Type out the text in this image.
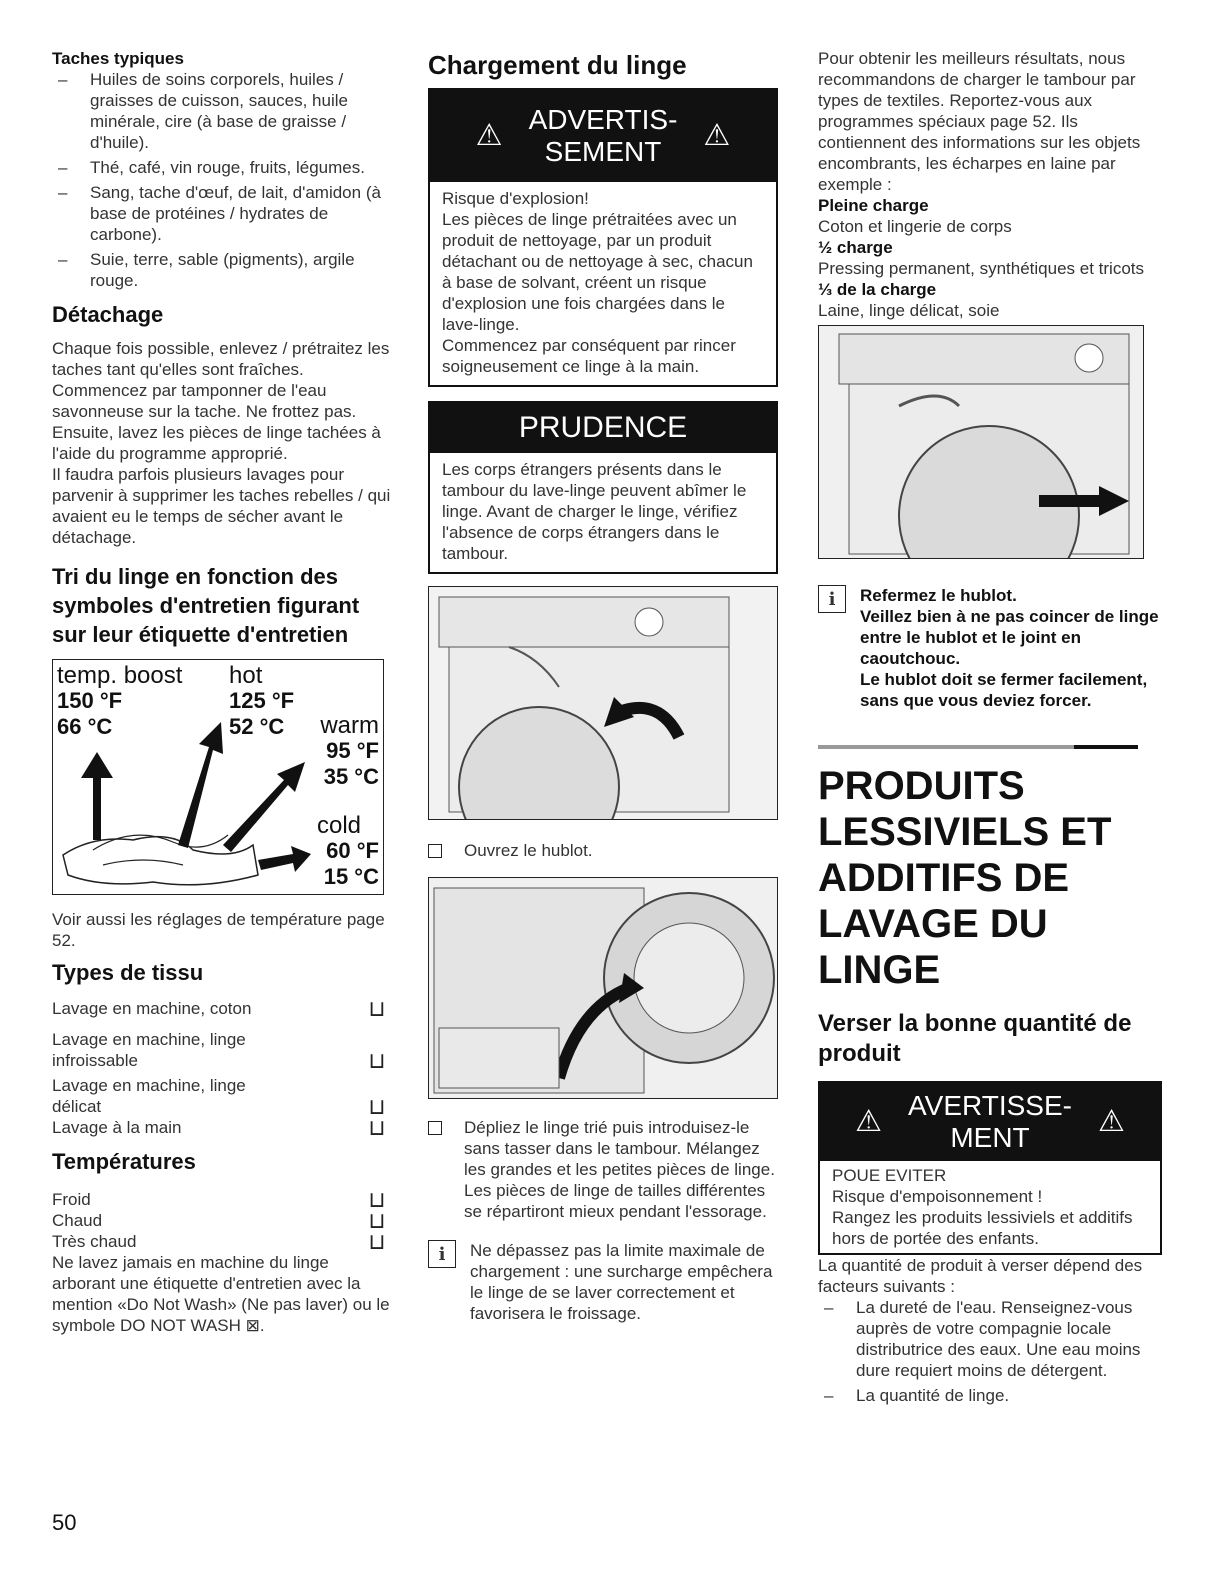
Taches typiques

–	Huiles de soins corporels, huiles / graisses de cuisson, sauces, huile minérale, cire (à base de graisse / d'huile).
–	Thé, café, vin rouge, fruits, légumes.
–	Sang, tache d'œuf, de lait, d'amidon (à base de protéines / hydrates de carbone).
–	Suie, terre, sable (pigments), argile rouge.

Détachage

Chaque fois possible, enlevez / prétraitez les taches tant qu'elles sont fraîches.

Commencez par tamponner de l'eau savonneuse sur la tache. Ne frottez pas.

Ensuite, lavez les pièces de linge tachées à l'aide du programme approprié.

Il faudra parfois plusieurs lavages pour parvenir à supprimer les taches rebelles / qui avaient eu le temps de sécher avant le détachage.

Tri du linge en fonction des symboles d'entretien figurant sur leur étiquette d'entretien

temp. boost
150 °F
66 °C
hot
125 °F
52 °C warm
95 °F
35 °C
cold
60 °F
15 °C

Voir aussi les réglages de température page 52.

Types de tissu

Lavage en machine, coton	⊔
Lavage en machine, linge infroissable	⊔
Lavage en machine, linge délicat	⊔
Lavage à la main	⊔

Températures

Froid	⊔
Chaud	⊔
Très chaud	⊔

Ne lavez jamais en machine du linge arborant une étiquette d'entretien avec la mention «Do Not Wash» (Ne pas laver) ou le symbole DO NOT WASH ⊠.

Chargement du linge

⚠ ADVERTIS-
SEMENT	⚠

Risque d'explosion!

Les pièces de linge prétraitées avec un produit de nettoyage, par un produit détachant ou de nettoyage à sec, chacun à base de solvant, créent un risque d'explosion une fois chargées dans le lave-linge.

Commencez par conséquent par rincer soigneusement ce linge à la main.

PRUDENCE

Les corps étrangers présents dans le tambour du lave-linge peuvent abîmer le linge. Avant de charger le linge, vérifiez l'absence de corps étrangers dans le tambour.

Ouvrez le hublot.
Dépliez le linge trié puis introduisez-le sans tasser dans le tambour. Mélangez les grandes et les petites pièces de linge. Les pièces de linge de tailles différentes se répartiront mieux pendant l'essorage.
i	Ne dépassez pas la limite maximale de chargement : une surcharge empêchera le linge de se laver correctement et favorisera le froissage.

Pour obtenir les meilleurs résultats, nous recommandons de charger le tambour par types de textiles. Reportez-vous aux programmes spéciaux page 52. Ils contiennent des informations sur les objets encombrants, les écharpes en laine par exemple :

Pleine charge

Coton et lingerie de corps

½ charge

Pressing permanent, synthétiques et tricots

⅓ de la charge

Laine, linge délicat, soie

i	Refermez le hublot.
Veillez bien à ne pas coincer de linge entre le hublot et le joint en caoutchouc.
Le hublot doit se fermer facilement, sans que vous deviez forcer.

PRODUITS

LESSIVIELS ET

ADDITIFS DE

LAVAGE DU

LINGE

Verser la bonne quantité de produit

⚠ AVERTISSE-
MENT	⚠

POUE EVITER

Risque d'empoisonnement !

Rangez les produits lessiviels et additifs hors de portée des enfants.

La quantité de produit à verser dépend des facteurs suivants :

–	La dureté de l'eau. Renseignez-vous auprès de votre compagnie locale distributrice des eaux. Une eau moins dure requiert moins de détergent.
–	La quantité de linge.
50
